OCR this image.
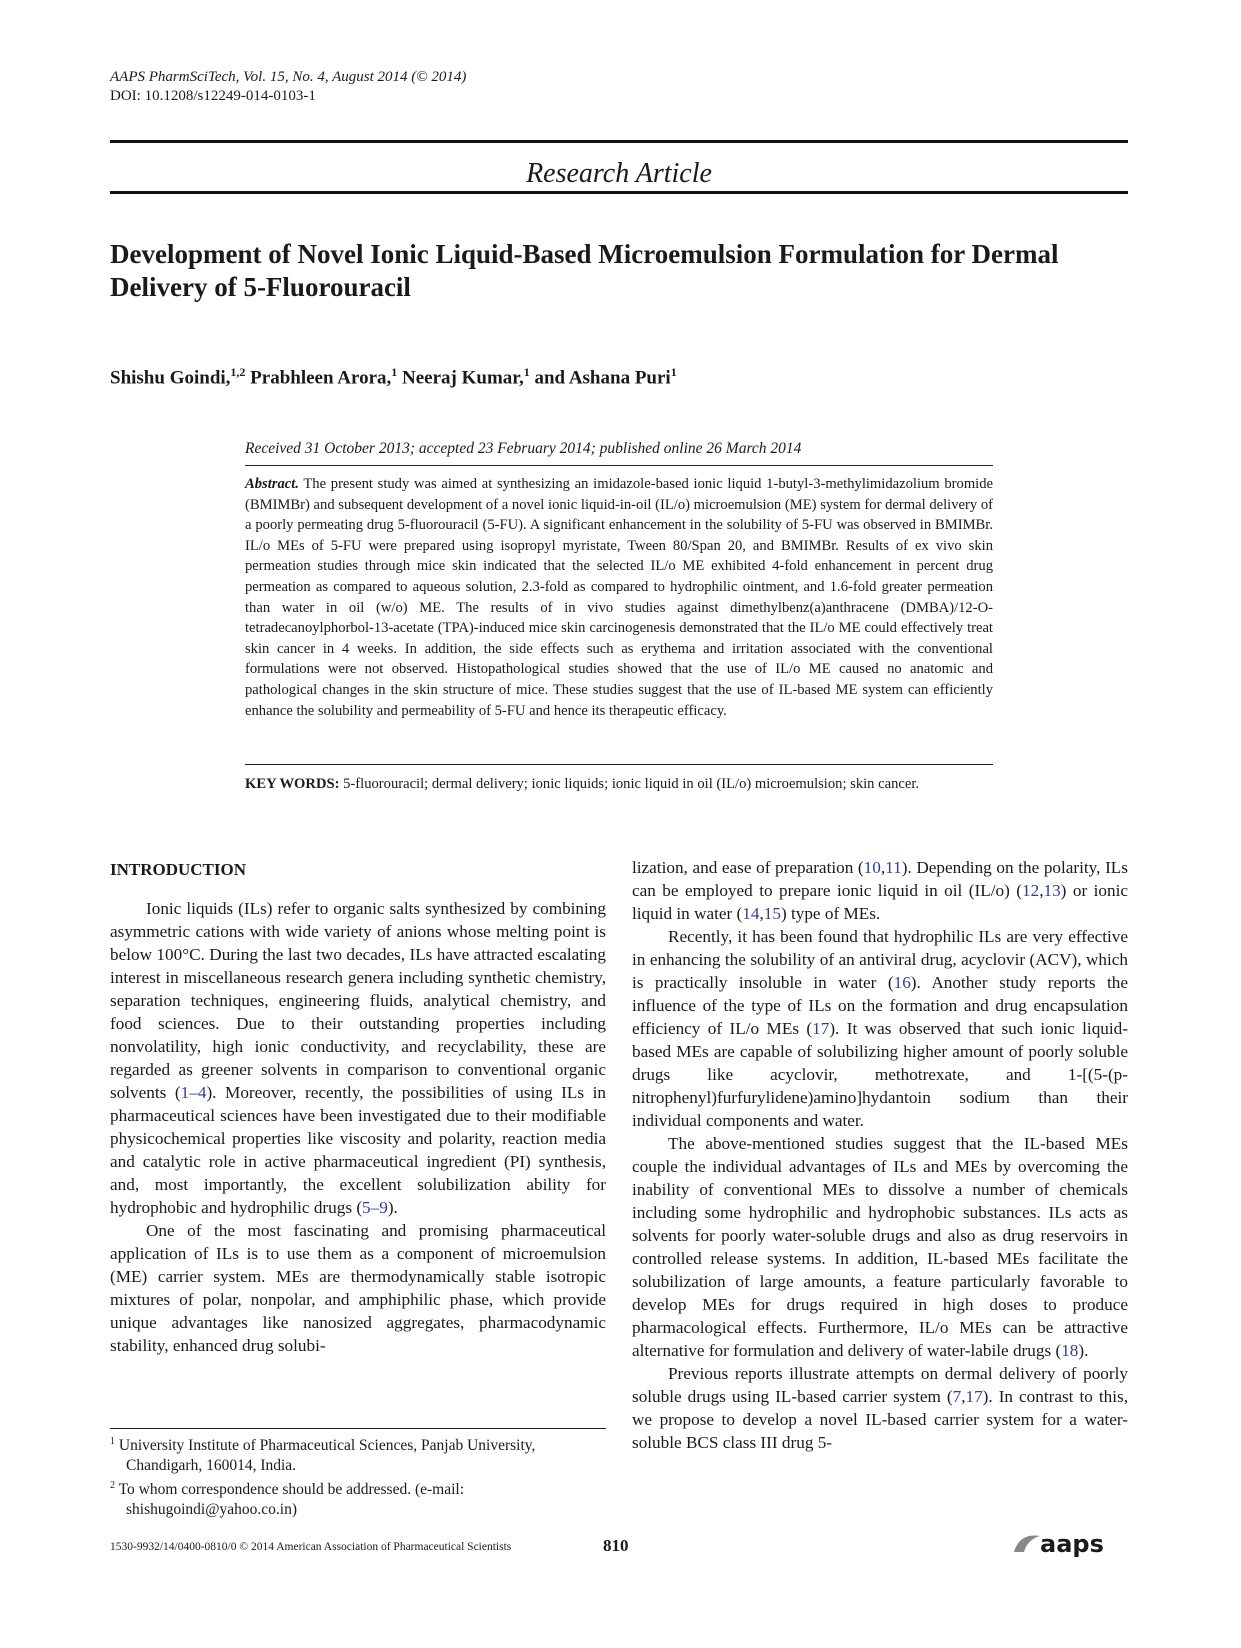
AAPS PharmSciTech, Vol. 15, No. 4, August 2014 (© 2014)
DOI: 10.1208/s12249-014-0103-1
Research Article
Development of Novel Ionic Liquid-Based Microemulsion Formulation for Dermal Delivery of 5-Fluorouracil
Shishu Goindi,$^{1,2}$ Prabhleen Arora,$^1$ Neeraj Kumar,$^1$ and Ashana Puri$^1$
Received 31 October 2013; accepted 23 February 2014; published online 26 March 2014
Abstract. The present study was aimed at synthesizing an imidazole-based ionic liquid 1-butyl-3-methylimidazolium bromide (BMIMBr) and subsequent development of a novel ionic liquid-in-oil (IL/o) microemulsion (ME) system for dermal delivery of a poorly permeating drug 5-fluorouracil (5-FU). A significant enhancement in the solubility of 5-FU was observed in BMIMBr. IL/o MEs of 5-FU were prepared using isopropyl myristate, Tween 80/Span 20, and BMIMBr. Results of ex vivo skin permeation studies through mice skin indicated that the selected IL/o ME exhibited 4-fold enhancement in percent drug permeation as compared to aqueous solution, 2.3-fold as compared to hydrophilic ointment, and 1.6-fold greater permeation than water in oil (w/o) ME. The results of in vivo studies against dimethylbenz(a)anthracene (DMBA)/12-O-tetradecanoylphorbol-13-acetate (TPA)-induced mice skin carcinogenesis demonstrated that the IL/o ME could effectively treat skin cancer in 4 weeks. In addition, the side effects such as erythema and irritation associated with the conventional formulations were not observed. Histopathological studies showed that the use of IL/o ME caused no anatomic and pathological changes in the skin structure of mice. These studies suggest that the use of IL-based ME system can efficiently enhance the solubility and permeability of 5-FU and hence its therapeutic efficacy.
KEY WORDS: 5-fluorouracil; dermal delivery; ionic liquids; ionic liquid in oil (IL/o) microemulsion; skin cancer.
INTRODUCTION

Ionic liquids (ILs) refer to organic salts synthesized by combining asymmetric cations with wide variety of anions whose melting point is below 100°C. During the last two decades, ILs have attracted escalating interest in miscellaneous research genera including synthetic chemistry, separation techniques, engineering fluids, analytical chemistry, and food sciences. Due to their outstanding properties including nonvolatility, high ionic conductivity, and recyclability, these are regarded as greener solvents in comparison to conventional organic solvents (1–4). Moreover, recently, the possibilities of using ILs in pharmaceutical sciences have been investigated due to their modifiable physicochemical properties like viscosity and polarity, reaction media and catalytic role in active pharmaceutical ingredient (PI) synthesis, and, most importantly, the excellent solubilization ability for hydrophobic and hydrophilic drugs (5–9).

One of the most fascinating and promising pharmaceutical application of ILs is to use them as a component of microemulsion (ME) carrier system. MEs are thermodynamically stable isotropic mixtures of polar, nonpolar, and amphiphilic phase, which provide unique advantages like nanosized aggregates, pharmacodynamic stability, enhanced drug solubi-

lization, and ease of preparation (10,11). Depending on the polarity, ILs can be employed to prepare ionic liquid in oil (IL/o) (12,13) or ionic liquid in water (14,15) type of MEs.

Recently, it has been found that hydrophilic ILs are very effective in enhancing the solubility of an antiviral drug, acyclovir (ACV), which is practically insoluble in water (16). Another study reports the influence of the type of ILs on the formation and drug encapsulation efficiency of IL/o MEs (17). It was observed that such ionic liquid-based MEs are capable of solubilizing higher amount of poorly soluble drugs like acyclovir, methotrexate, and 1-[(5-(p-nitrophenyl)furfurylidene)amino]hydantoin sodium than their individual components and water.

The above-mentioned studies suggest that the IL-based MEs couple the individual advantages of ILs and MEs by overcoming the inability of conventional MEs to dissolve a number of chemicals including some hydrophilic and hydrophobic substances. ILs acts as solvents for poorly water-soluble drugs and also as drug reservoirs in controlled release systems. In addition, IL-based MEs facilitate the solubilization of large amounts, a feature particularly favorable to develop MEs for drugs required in high doses to produce pharmacological effects. Furthermore, IL/o MEs can be attractive alternative for formulation and delivery of water-labile drugs (18).

Previous reports illustrate attempts on dermal delivery of poorly soluble drugs using IL-based carrier system (7,17). In contrast to this, we propose to develop a novel IL-based carrier system for a water-soluble BCS class III drug 5-

$^1$ University Institute of Pharmaceutical Sciences, Panjab University, Chandigarh, 160014, India.

$^2$ To whom correspondence should be addressed. (e-mail: shishugoindi@yahoo.co.in)

1530-9932/14/0400-0810/0 © 2014 American Association of Pharmaceutical Scientists	810	aaps
